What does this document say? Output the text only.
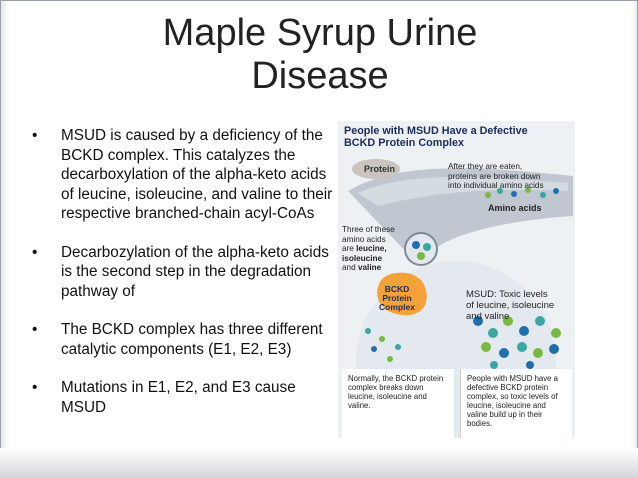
Maple Syrup Urine
Disease
• MSUD is caused by a deficiency of the BCKD complex. This catalyzes the decarboxylation of the alpha-keto acids of leucine, isoleucine, and valine to their respective branched-chain acyl-CoAs
• Decarbozylation of the alpha-keto acids is the second step in the degradation pathway of
• The BCKD complex has three different catalytic components (E1, E2, E3)
• Mutations in E1, E2, and E3 cause MSUD
People with MSUD Have a Defective
BCKD Protein Complex
Protein	After they are eaten,
proteins are broken down
into individual amino acids
Amino acids
Three of these
amino acids
are leucine,
isoleucine
and valine
BCKD
Protein
Complex
MSUD: Toxic levels
of leucine, isoleucine
and valine
Normally, the BCKD protein complex breaks down leucine, isoleucine and valine.
People with MSUD have a defective BCKD protein complex, so toxic levels of leucine, isoleucine and valine build up in their bodies.
